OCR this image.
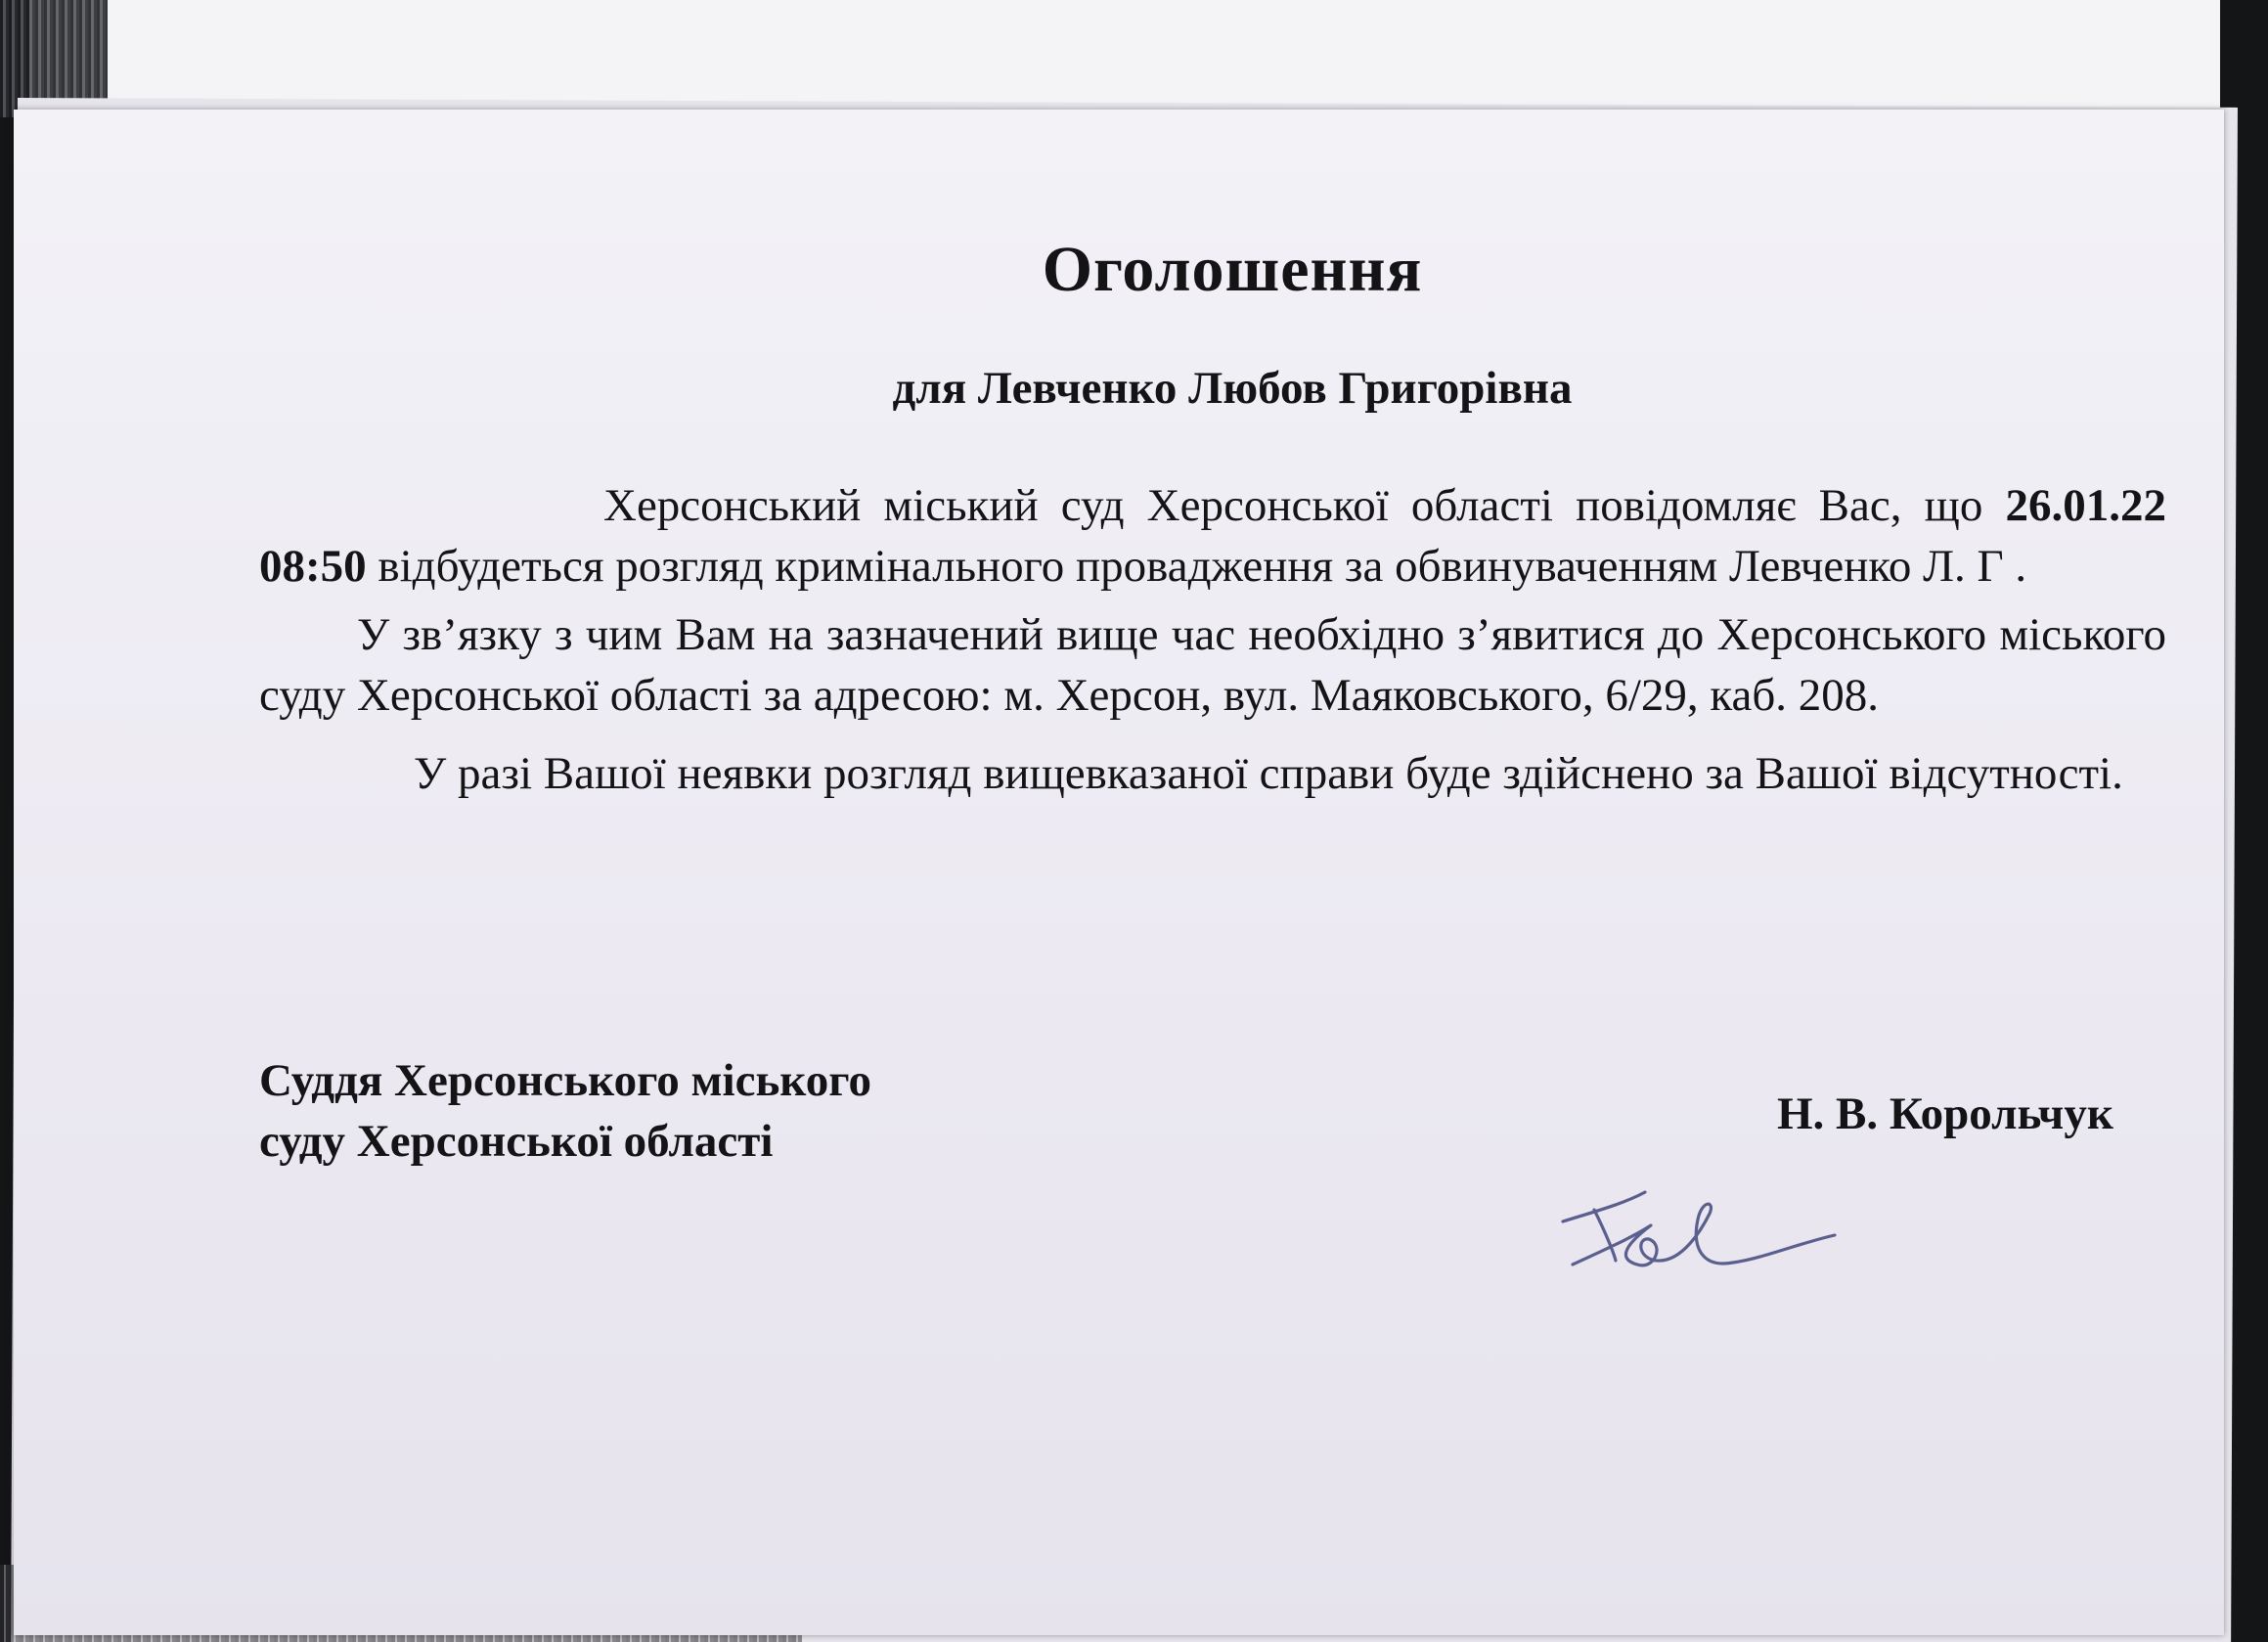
Оголошення
для Левченко Любов Григорівна

Херсонський міський суд Херсонської області повідомляє Вас, що 26.01.22 08:50 відбудеться розгляд кримінального провадження за обвинуваченням Левченко Л. Г .

У зв’язку з чим Вам на зазначений вище час необхідно з’явитися до Херсонського міського суду Херсонської області за адресою: м. Херсон, вул. Маяковського, 6/29, каб. 208.

У разі Вашої неявки розгляд вищевказаної справи буде здійснено за Вашої відсутності.

Суддя Херсонського міського
суду Херсонської області
Н. В. Корольчук
